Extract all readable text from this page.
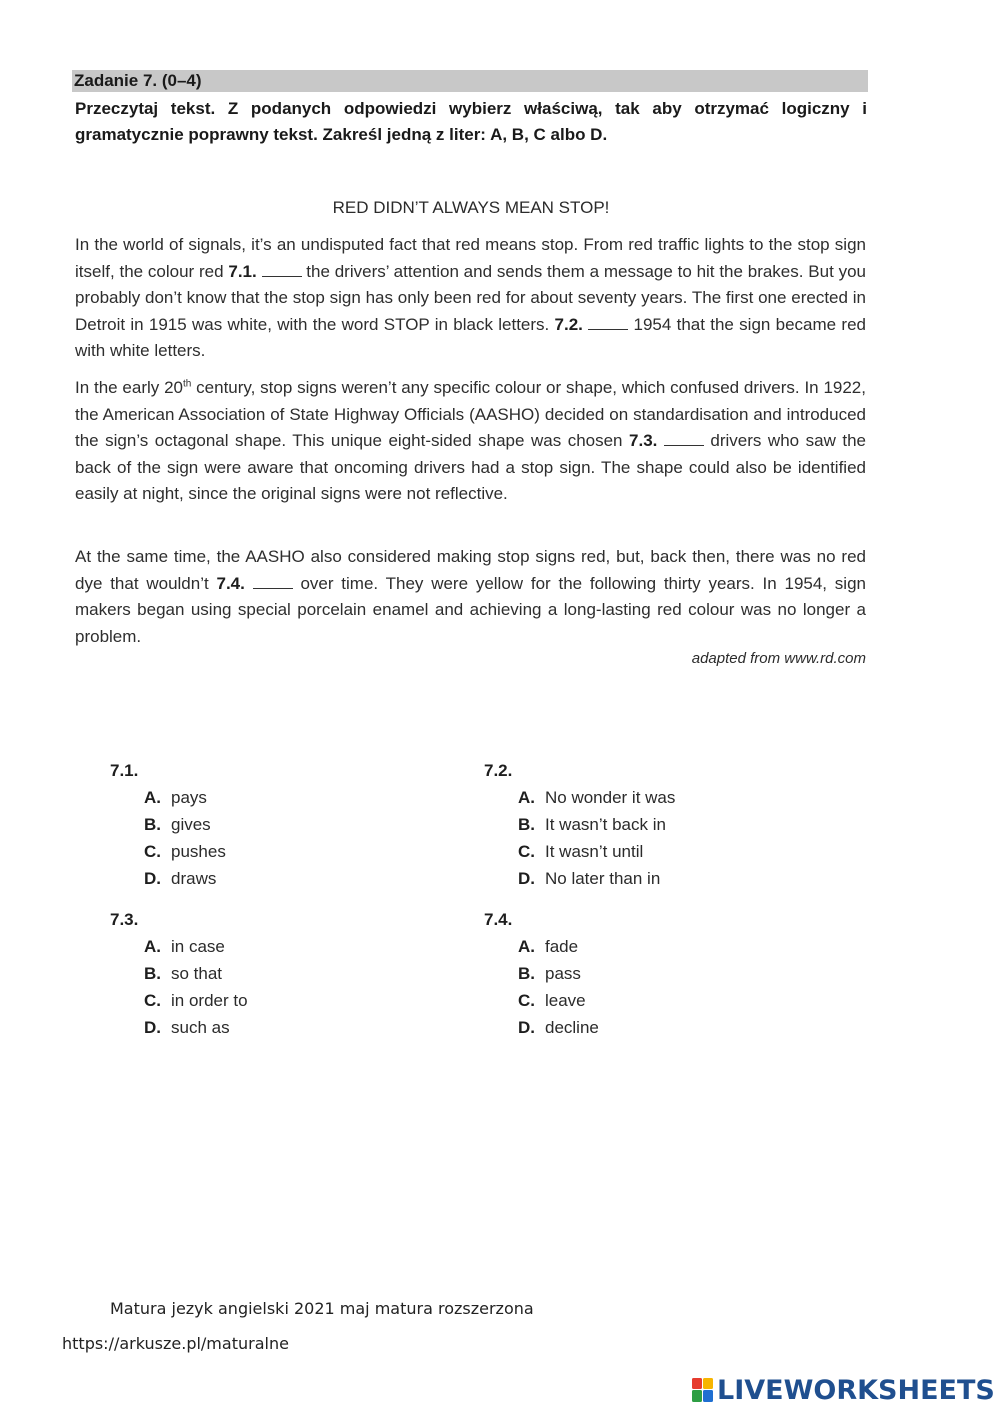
Zadanie 7. (0–4)
Przeczytaj tekst. Z podanych odpowiedzi wybierz właściwą, tak aby otrzymać logiczny i gramatycznie poprawny tekst. Zakreśl jedną z liter: A, B, C albo D.
RED DIDN’T ALWAYS MEAN STOP!

In the world of signals, it’s an undisputed fact that red means stop. From red traffic lights to the stop sign itself, the colour red 7.1.	the drivers’ attention and sends them a message to hit the brakes. But you probably don’t know that the stop sign has only been red for about seventy years. The first one erected in Detroit in 1915 was white, with the word STOP in black letters. 7.2.	1954 that the sign became red with white letters.

In the early 20th century, stop signs weren’t any specific colour or shape, which confused drivers. In 1922, the American Association of State Highway Officials (AASHO) decided on standardisation and introduced the sign’s octagonal shape. This unique eight-sided shape was chosen 7.3.	drivers who saw the back of the sign were aware that oncoming drivers had a stop sign. The shape could also be identified easily at night, since the original signs were not reflective.

At the same time, the AASHO also considered making stop signs red, but, back then, there was no red dye that wouldn’t 7.4.	over time. They were yellow for the following thirty years. In 1954, sign makers began using special porcelain enamel and achieving a long-lasting red colour was no longer a problem.

adapted from www.rd.com
7.1.
A. pays
B. gives
C. pushes
D. draws
7.2.
A. No wonder it was
B. It wasn’t back in
C. It wasn’t until
D. No later than in
7.3.
A. in case
B. so that
C. in order to
D. such as
7.4.
A. fade
B. pass
C. leave
D. decline
Matura jezyk angielski 2021 maj matura rozszerzona
https://arkusze.pl/maturalne
LIVEWORKSHEETS
